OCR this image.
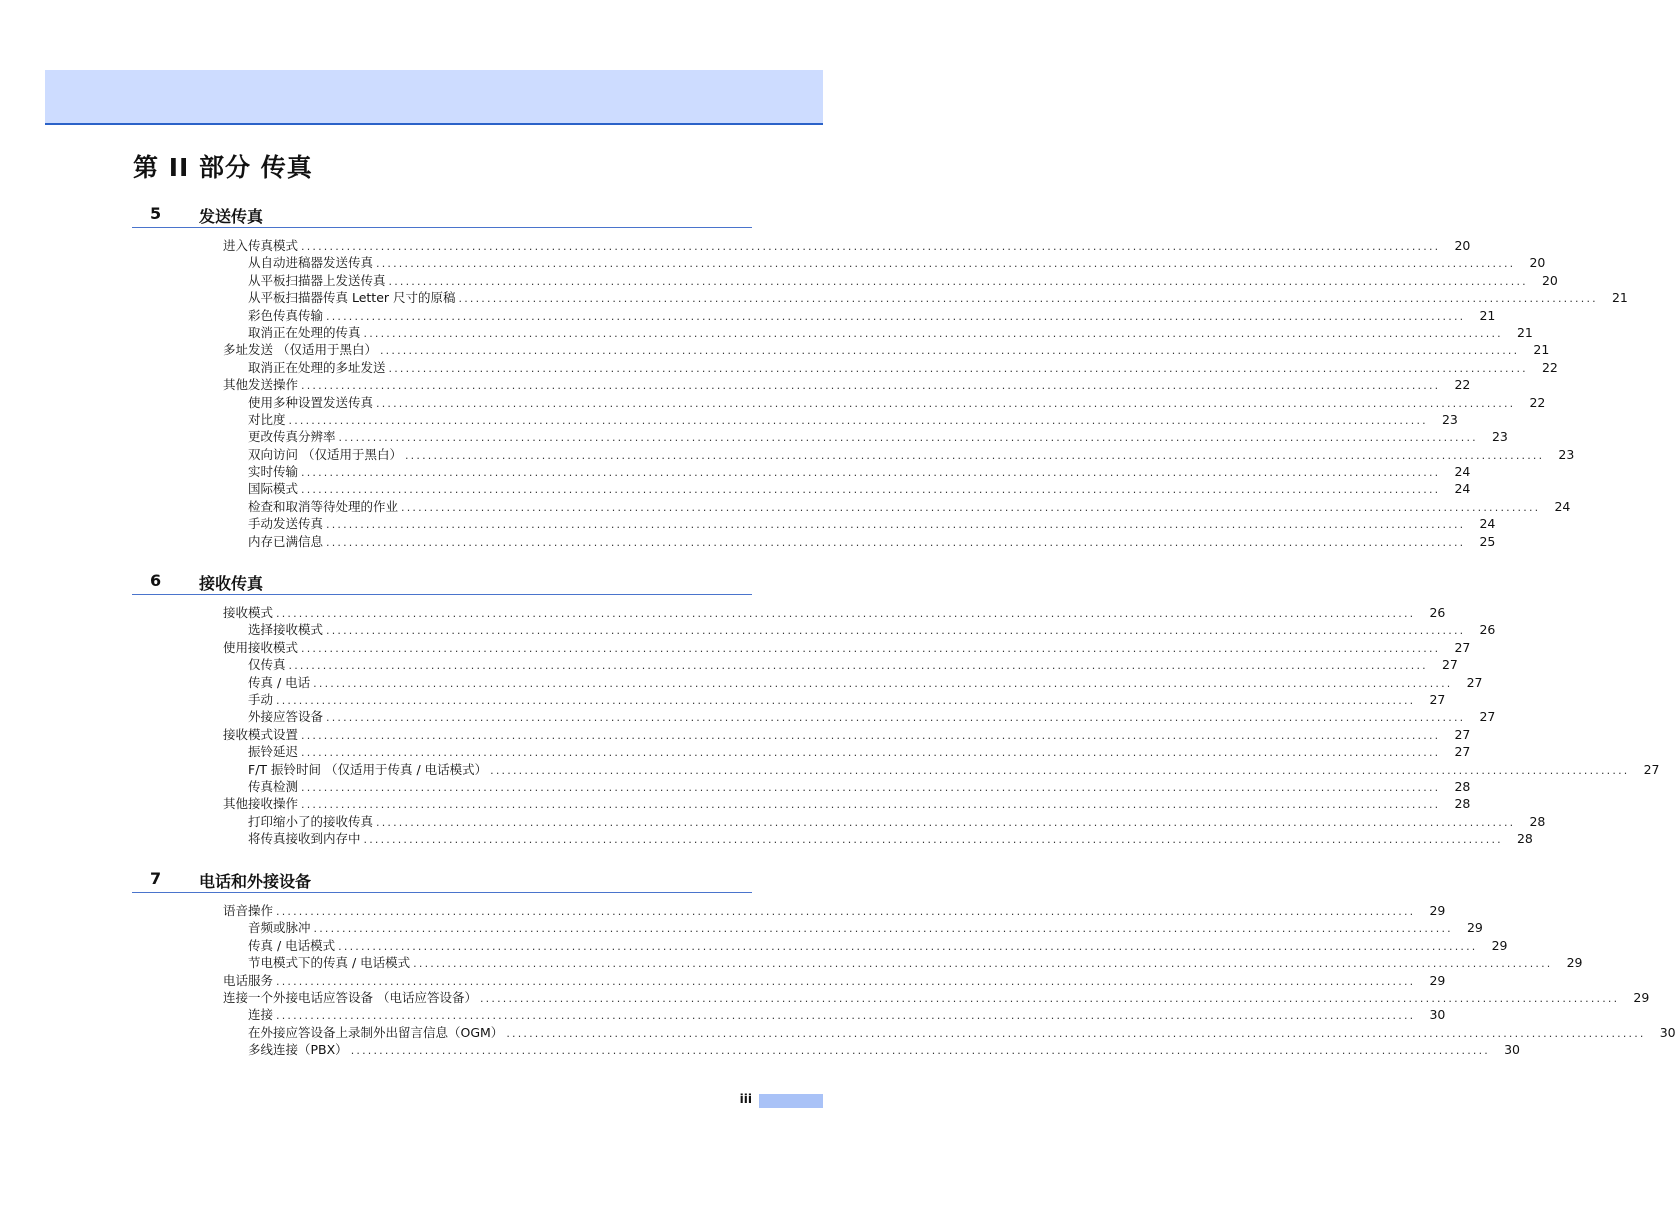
第 II 部分 传真
5 发送传真
进入传真模式 ........................................................................................................................................................................................................	20
从自动进稿器发送传真 ........................................................................................................................................................................................................	20
从平板扫描器上发送传真 ........................................................................................................................................................................................................	20
从平板扫描器传真 Letter 尺寸的原稿 ........................................................................................................................................................................................................	21
彩色传真传输 ........................................................................................................................................................................................................	21
取消正在处理的传真 ........................................................................................................................................................................................................	21
多址发送 （仅适用于黑白） ........................................................................................................................................................................................................	21
取消正在处理的多址发送 ........................................................................................................................................................................................................	22
其他发送操作 ........................................................................................................................................................................................................	22
使用多种设置发送传真 ........................................................................................................................................................................................................	22
对比度 ........................................................................................................................................................................................................	23
更改传真分辨率 ........................................................................................................................................................................................................	23
双向访问 （仅适用于黑白） ........................................................................................................................................................................................................	23
实时传输 ........................................................................................................................................................................................................	24
国际模式 ........................................................................................................................................................................................................	24
检查和取消等待处理的作业 ........................................................................................................................................................................................................	24
手动发送传真 ........................................................................................................................................................................................................	24
内存已满信息 ........................................................................................................................................................................................................	25
6 接收传真
接收模式 ........................................................................................................................................................................................................	26
选择接收模式 ........................................................................................................................................................................................................	26
使用接收模式 ........................................................................................................................................................................................................	27
仅传真 ........................................................................................................................................................................................................	27
传真 / 电话 ........................................................................................................................................................................................................	27
手动 ........................................................................................................................................................................................................	27
外接应答设备 ........................................................................................................................................................................................................	27
接收模式设置 ........................................................................................................................................................................................................	27
振铃延迟 ........................................................................................................................................................................................................	27
F/T 振铃时间 （仅适用于传真 / 电话模式） ........................................................................................................................................................................................................	27
传真检测 ........................................................................................................................................................................................................	28
其他接收操作 ........................................................................................................................................................................................................	28
打印缩小了的接收传真 ........................................................................................................................................................................................................	28
将传真接收到内存中 ........................................................................................................................................................................................................	28
7 电话和外接设备
语音操作 ........................................................................................................................................................................................................	29
音频或脉冲 ........................................................................................................................................................................................................	29
传真 / 电话模式 ........................................................................................................................................................................................................	29
节电模式下的传真 / 电话模式 ........................................................................................................................................................................................................	29
电话服务 ........................................................................................................................................................................................................	29
连接一个外接电话应答设备 （电话应答设备） ........................................................................................................................................................................................................	29
连接 ........................................................................................................................................................................................................	30
在外接应答设备上录制外出留言信息（OGM） ........................................................................................................................................................................................................	30
多线连接（PBX） ........................................................................................................................................................................................................	30
iii
